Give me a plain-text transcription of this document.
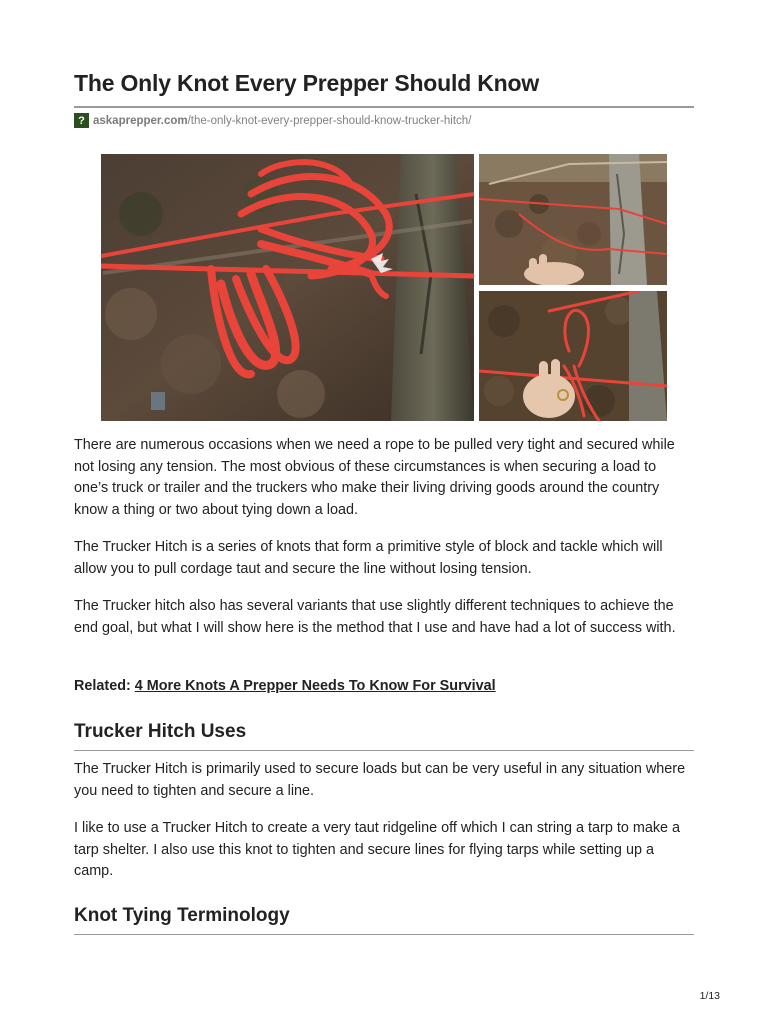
The Only Knot Every Prepper Should Know
? askaprepper.com /the-only-knot-every-prepper-should-know-trucker-hitch/

There are numerous occasions when we need a rope to be pulled very tight and secured while not losing any tension. The most obvious of these circumstances is when securing a load to one’s truck or trailer and the truckers who make their living driving goods around the country know a thing or two about tying down a load.

The Trucker Hitch is a series of knots that form a primitive style of block and tackle which will allow you to pull cordage taut and secure the line without losing tension.

The Trucker hitch also has several variants that use slightly different techniques to achieve the end goal, but what I will show here is the method that I use and have had a lot of success with.

Related: 4 More Knots A Prepper Needs To Know For Survival
Trucker Hitch Uses

The Trucker Hitch is primarily used to secure loads but can be very useful in any situation where you need to tighten and secure a line.

I like to use a Trucker Hitch to create a very taut ridgeline off which I can string a tarp to make a tarp shelter. I also use this knot to tighten and secure lines for flying tarps while setting up a camp.

Knot Tying Terminology
1/13
